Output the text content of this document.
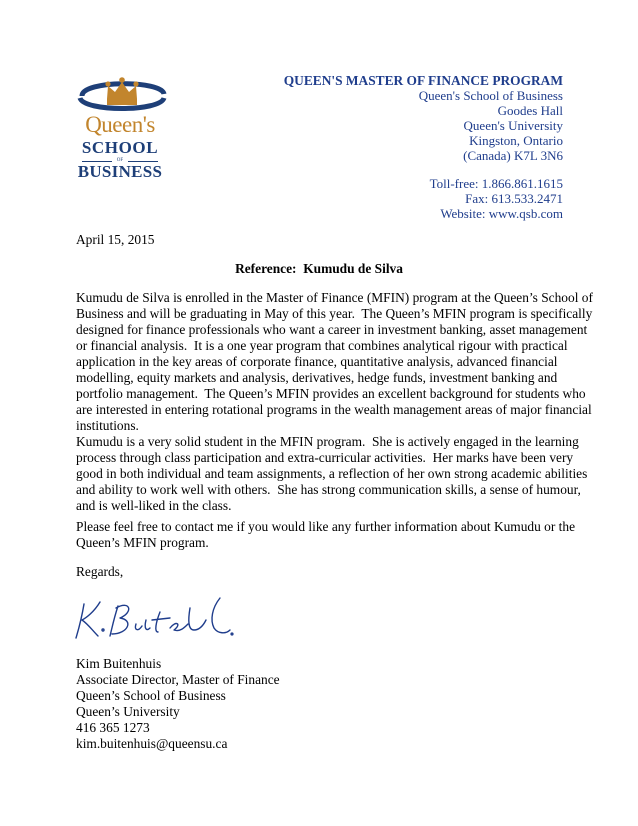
Queen's
SCHOOL
OF
BUSINESS
QUEEN'S MASTER OF FINANCE PROGRAM
Queen's School of Business
Goodes Hall
Queen's University
Kingston, Ontario
(Canada) K7L 3N6
Toll-free: 1.866.861.1615
Fax: 613.533.2471
Website: www.qsb.com
April 15, 2015
Reference:  Kumudu de Silva
Kumudu de Silva is enrolled in the Master of Finance (MFIN) program at the Queen’s School of
Business and will be graduating in May of this year.  The Queen’s MFIN program is specifically
designed for finance professionals who want a career in investment banking, asset management
or financial analysis.  It is a one year program that combines analytical rigour with practical
application in the key areas of corporate finance, quantitative analysis, advanced financial
modelling, equity markets and analysis, derivatives, hedge funds, investment banking and
portfolio management.  The Queen’s MFIN provides an excellent background for students who
are interested in entering rotational programs in the wealth management areas of major financial
institutions.
Kumudu is a very solid student in the MFIN program.  She is actively engaged in the learning
process through class participation and extra-curricular activities.  Her marks have been very
good in both individual and team assignments, a reflection of her own strong academic abilities
and ability to work well with others.  She has strong communication skills, a sense of humour,
and is well-liked in the class.
Please feel free to contact me if you would like any further information about Kumudu or the
Queen’s MFIN program.
Regards,
Kim Buitenhuis
Associate Director, Master of Finance
Queen’s School of Business
Queen’s University
416 365 1273
kim.buitenhuis@queensu.ca
